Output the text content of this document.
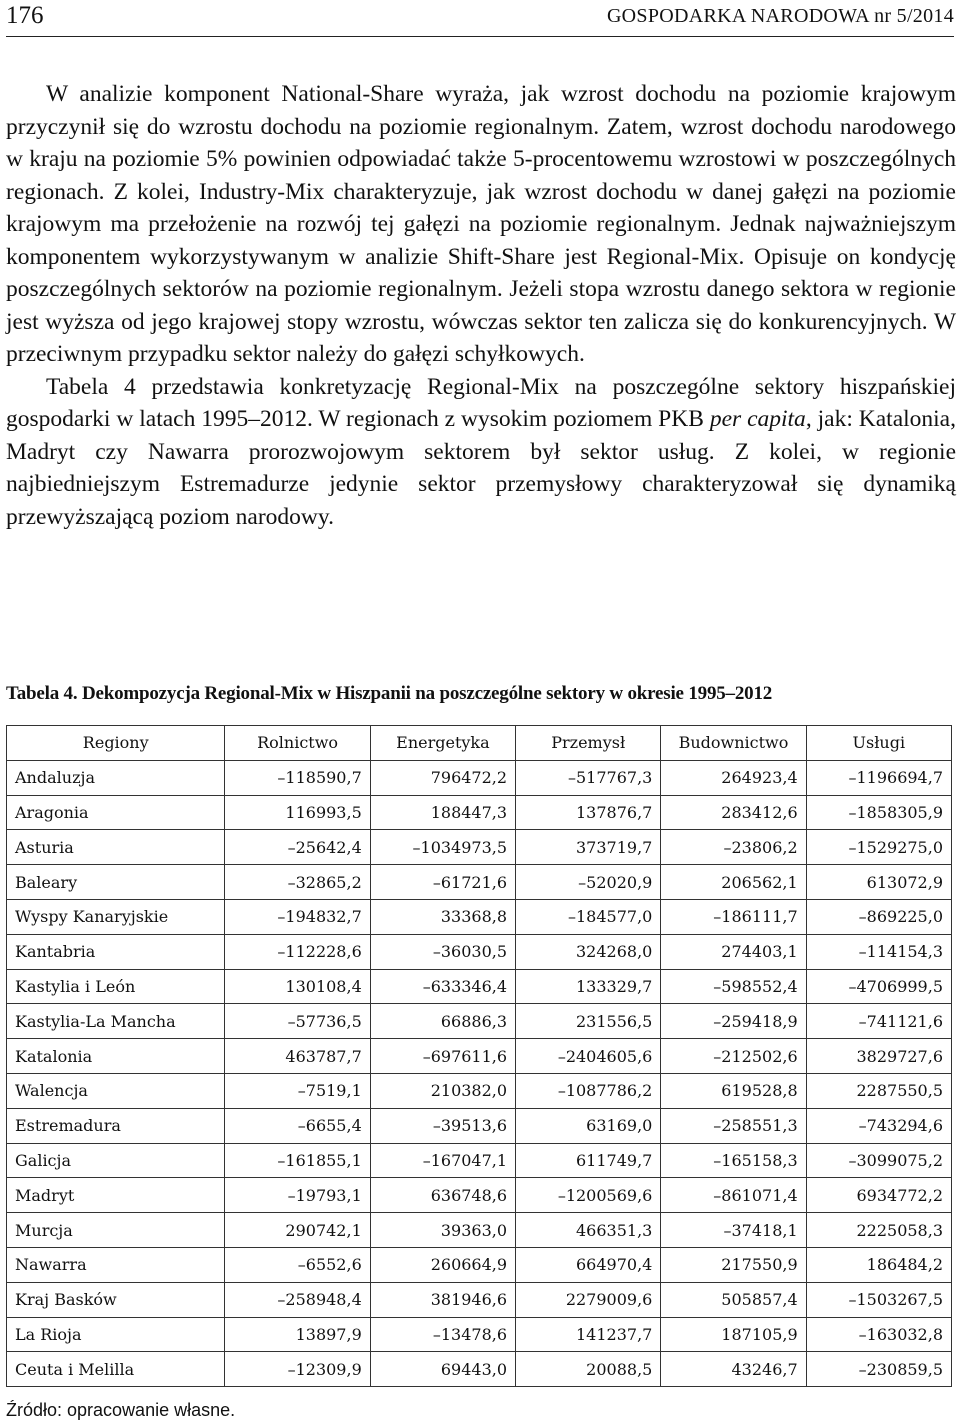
176	GOSPODARKA NARODOWA nr 5/2014

W analizie komponent National-Share wyraża, jak wzrost dochodu na poziomie krajowym przyczynił się do wzrostu dochodu na poziomie regionalnym. Zatem, wzrost dochodu narodowego w kraju na poziomie 5% powinien odpowiadać także 5-procentowemu wzrostowi w poszczególnych regionach. Z kolei, Industry-Mix charakteryzuje, jak wzrost dochodu w danej gałęzi na poziomie krajowym ma przełożenie na rozwój tej gałęzi na poziomie regionalnym. Jednak najważniejszym komponentem wykorzystywanym w analizie Shift-Share jest Regional-Mix. Opisuje on kondycję poszczególnych sektorów na poziomie regionalnym. Jeżeli stopa wzrostu danego sektora w regionie jest wyższa od jego krajowej stopy wzrostu, wówczas sektor ten zalicza się do konkurencyjnych. W przeciwnym przypadku sektor należy do gałęzi schyłkowych.

Tabela 4 przedstawia konkretyzację Regional-Mix na poszczególne sektory hiszpańskiej gospodarki w latach 1995–2012. W regionach z wysokim poziomem PKB per capita, jak: Katalonia, Madryt czy Nawarra prorozwojowym sektorem był sektor usług. Z kolei, w regionie najbiedniejszym Estremadurze jedynie sektor przemysłowy charakteryzował się dynamiką przewyższającą poziom narodowy.

Tabela 4. Dekompozycja Regional-Mix w Hiszpanii na poszczególne sektory w okresie 1995–2012
Regiony	Rolnictwo	Energetyka	Przemysł	Budownictwo	Usługi
Andaluzja	–118590,7	796472,2	–517767,3	264923,4	–1196694,7
Aragonia	116993,5	188447,3	137876,7	283412,6	–1858305,9
Asturia	–25642,4	–1034973,5	373719,7	–23806,2	–1529275,0
Baleary	–32865,2	–61721,6	–52020,9	206562,1	613072,9
Wyspy Kanaryjskie	–194832,7	33368,8	–184577,0	–186111,7	–869225,0
Kantabria	–112228,6	–36030,5	324268,0	274403,1	–114154,3
Kastylia i León	130108,4	–633346,4	133329,7	–598552,4	–4706999,5
Kastylia-La Mancha	–57736,5	66886,3	231556,5	–259418,9	–741121,6
Katalonia	463787,7	–697611,6	–2404605,6	–212502,6	3829727,6
Walencja	–7519,1	210382,0	–1087786,2	619528,8	2287550,5
Estremadura	–6655,4	–39513,6	63169,0	–258551,3	–743294,6
Galicja	–161855,1	–167047,1	611749,7	–165158,3	–3099075,2
Madryt	–19793,1	636748,6	–1200569,6	–861071,4	6934772,2
Murcja	290742,1	39363,0	466351,3	–37418,1	2225058,3
Nawarra	–6552,6	260664,9	664970,4	217550,9	186484,2
Kraj Basków	–258948,4	381946,6	2279009,6	505857,4	–1503267,5
La Rioja	13897,9	–13478,6	141237,7	187105,9	–163032,8
Ceuta i Melilla	–12309,9	69443,0	20088,5	43246,7	–230859,5
Źródło: opracowanie własne.
